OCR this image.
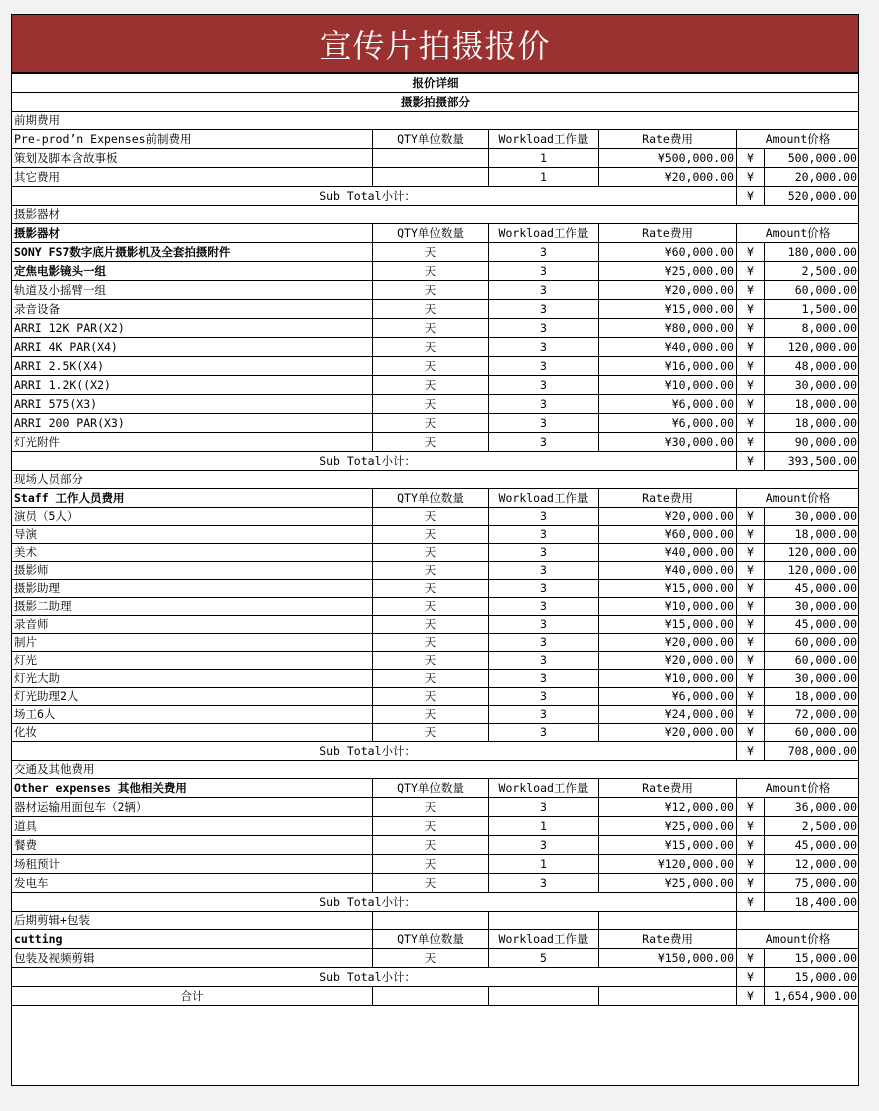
宣传片拍摄报价
报价详细					
摄影拍摄部分					
前期费用					
Pre-prod’n Expenses前制费用	QTY单位数量	Workload工作量	Rate费用	Amount价格	
策划及脚本含故事板		1	¥500,000.00	¥	500,000.00
其它费用		1	¥20,000.00	¥	20,000.00
Sub Total小计：				¥	520,000.00
摄影器材					
摄影器材	QTY单位数量	Workload工作量	Rate费用	Amount价格	
SONY FS7数字底片摄影机及全套拍摄附件	天	3	¥60,000.00	¥	180,000.00
定焦电影镜头一组	天	3	¥25,000.00	¥	2,500.00
轨道及小摇臂一组	天	3	¥20,000.00	¥	60,000.00
录音设备	天	3	¥15,000.00	¥	1,500.00
ARRI 12K PAR(X2)	天	3	¥80,000.00	¥	8,000.00
ARRI 4K PAR(X4)	天	3	¥40,000.00	¥	120,000.00
ARRI 2.5K(X4)	天	3	¥16,000.00	¥	48,000.00
ARRI 1.2K((X2)	天	3	¥10,000.00	¥	30,000.00
ARRI 575(X3)	天	3	¥6,000.00	¥	18,000.00
ARRI 200 PAR(X3)	天	3	¥6,000.00	¥	18,000.00
灯光附件	天	3	¥30,000.00	¥	90,000.00
Sub Total小计：				¥	393,500.00
现场人员部分					
Staff 工作人员费用	QTY单位数量	Workload工作量	Rate费用	Amount价格	
演员（5人）	天	3	¥20,000.00	¥	30,000.00
导演	天	3	¥60,000.00	¥	18,000.00
美术	天	3	¥40,000.00	¥	120,000.00
摄影师	天	3	¥40,000.00	¥	120,000.00
摄影助理	天	3	¥15,000.00	¥	45,000.00
摄影二助理	天	3	¥10,000.00	¥	30,000.00
录音师	天	3	¥15,000.00	¥	45,000.00
制片	天	3	¥20,000.00	¥	60,000.00
灯光	天	3	¥20,000.00	¥	60,000.00
灯光大助	天	3	¥10,000.00	¥	30,000.00
灯光助理2人	天	3	¥6,000.00	¥	18,000.00
场工6人	天	3	¥24,000.00	¥	72,000.00
化妆	天	3	¥20,000.00	¥	60,000.00
Sub Total小计：				¥	708,000.00
交通及其他费用					
Other expenses 其他相关费用	QTY单位数量	Workload工作量	Rate费用	Amount价格	
器材运输用面包车（2辆）	天	3	¥12,000.00	¥	36,000.00
道具	天	1	¥25,000.00	¥	2,500.00
餐费	天	3	¥15,000.00	¥	45,000.00
场租预计	天	1	¥120,000.00	¥	12,000.00
发电车	天	3	¥25,000.00	¥	75,000.00
Sub Total小计：				¥	18,400.00
后期剪辑+包装					
cutting	QTY单位数量	Workload工作量	Rate费用	Amount价格	
包装及视频剪辑	天	5	¥150,000.00	¥	15,000.00
Sub Total小计：				¥	15,000.00
合计				¥	1,654,900.00
